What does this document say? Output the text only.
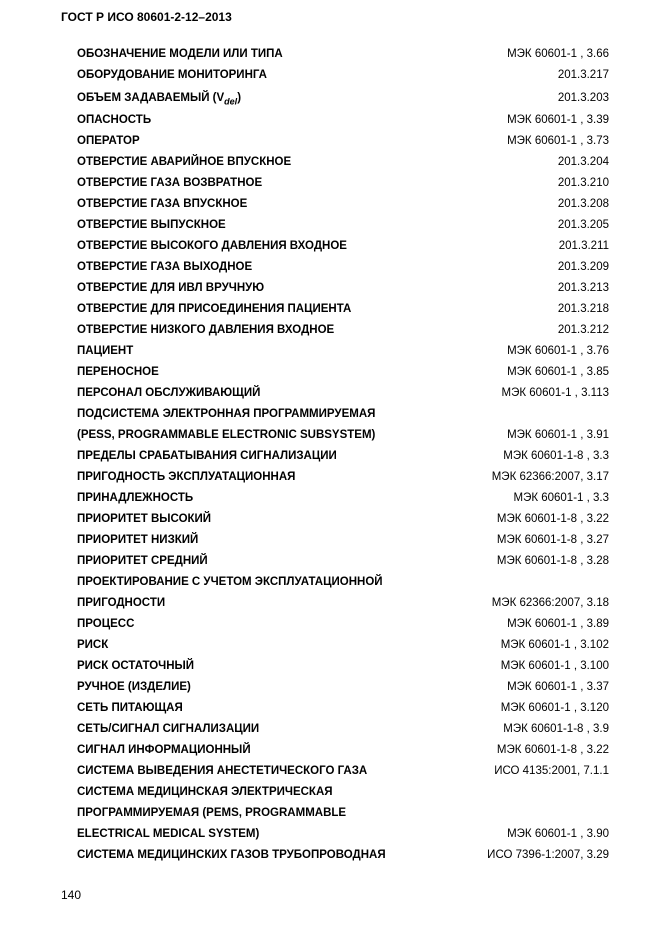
ГОСТ Р ИСО 80601-2-12–2013
ОБОЗНАЧЕНИЕ МОДЕЛИ ИЛИ ТИПА	МЭК 60601-1 , 3.66
ОБОРУДОВАНИЕ МОНИТОРИНГА	201.3.217
ОБЪЕМ ЗАДАВАЕМЫЙ $(V_{del})$	201.3.203
ОПАСНОСТЬ	МЭК 60601-1 , 3.39
ОПЕРАТОР	МЭК 60601-1 , 3.73
ОТВЕРСТИЕ АВАРИЙНОЕ ВПУСКНОЕ	201.3.204
ОТВЕРСТИЕ ГАЗА ВОЗВРАТНОЕ	201.3.210
ОТВЕРСТИЕ ГАЗА ВПУСКНОЕ	201.3.208
ОТВЕРСТИЕ ВЫПУСКНОЕ	201.3.205
ОТВЕРСТИЕ ВЫСОКОГО ДАВЛЕНИЯ ВХОДНОЕ	201.3.211
ОТВЕРСТИЕ ГАЗА ВЫХОДНОЕ	201.3.209
ОТВЕРСТИЕ ДЛЯ ИВЛ ВРУЧНУЮ	201.3.213
ОТВЕРСТИЕ ДЛЯ ПРИСОЕДИНЕНИЯ ПАЦИЕНТА	201.3.218
ОТВЕРСТИЕ НИЗКОГО ДАВЛЕНИЯ ВХОДНОЕ	201.3.212
ПАЦИЕНТ	МЭК 60601-1 , 3.76
ПЕРЕНОСНОЕ	МЭК 60601-1 , 3.85
ПЕРСОНАЛ ОБСЛУЖИВАЮЩИЙ	МЭК 60601-1 , 3.113
ПОДСИСТЕМА ЭЛЕКТРОННАЯ ПРОГРАММИРУЕМАЯ
(PESS, PROGRAMMABLE ELECTRONIC SUBSYSTEM)	МЭК 60601-1 , 3.91
ПРЕДЕЛЫ СРАБАТЫВАНИЯ СИГНАЛИЗАЦИИ	МЭК 60601-1-8 , 3.3
ПРИГОДНОСТЬ ЭКСПЛУАТАЦИОННАЯ	МЭК 62366:2007, 3.17
ПРИНАДЛЕЖНОСТЬ	МЭК 60601-1 , 3.3
ПРИОРИТЕТ ВЫСОКИЙ	МЭК 60601-1-8 , 3.22
ПРИОРИТЕТ НИЗКИЙ	МЭК 60601-1-8 , 3.27
ПРИОРИТЕТ СРЕДНИЙ	МЭК 60601-1-8 , 3.28
ПРОЕКТИРОВАНИЕ С УЧЕТОМ ЭКСПЛУАТАЦИОННОЙ
ПРИГОДНОСТИ	МЭК 62366:2007, 3.18
ПРОЦЕСС	МЭК 60601-1 , 3.89
РИСК	МЭК 60601-1 , 3.102
РИСК ОСТАТОЧНЫЙ	МЭК 60601-1 , 3.100
РУЧНОЕ (ИЗДЕЛИЕ)	МЭК 60601-1 , 3.37
СЕТЬ ПИТАЮЩАЯ	МЭК 60601-1 , 3.120
СЕТЬ/СИГНАЛ СИГНАЛИЗАЦИИ	МЭК 60601-1-8 , 3.9
СИГНАЛ ИНФОРМАЦИОННЫЙ	МЭК 60601-1-8 , 3.22
СИСТЕМА ВЫВЕДЕНИЯ АНЕСТЕТИЧЕСКОГО ГАЗА	ИСО 4135:2001, 7.1.1
СИСТЕМА МЕДИЦИНСКАЯ ЭЛЕКТРИЧЕСКАЯ
ПРОГРАММИРУЕМАЯ (PEMS, PROGRAMMABLE
ELECTRICAL MEDICAL SYSTEM)	МЭК 60601-1 , 3.90
СИСТЕМА МЕДИЦИНСКИХ ГАЗОВ ТРУБОПРОВОДНАЯ	ИСО 7396-1:2007, 3.29
140
